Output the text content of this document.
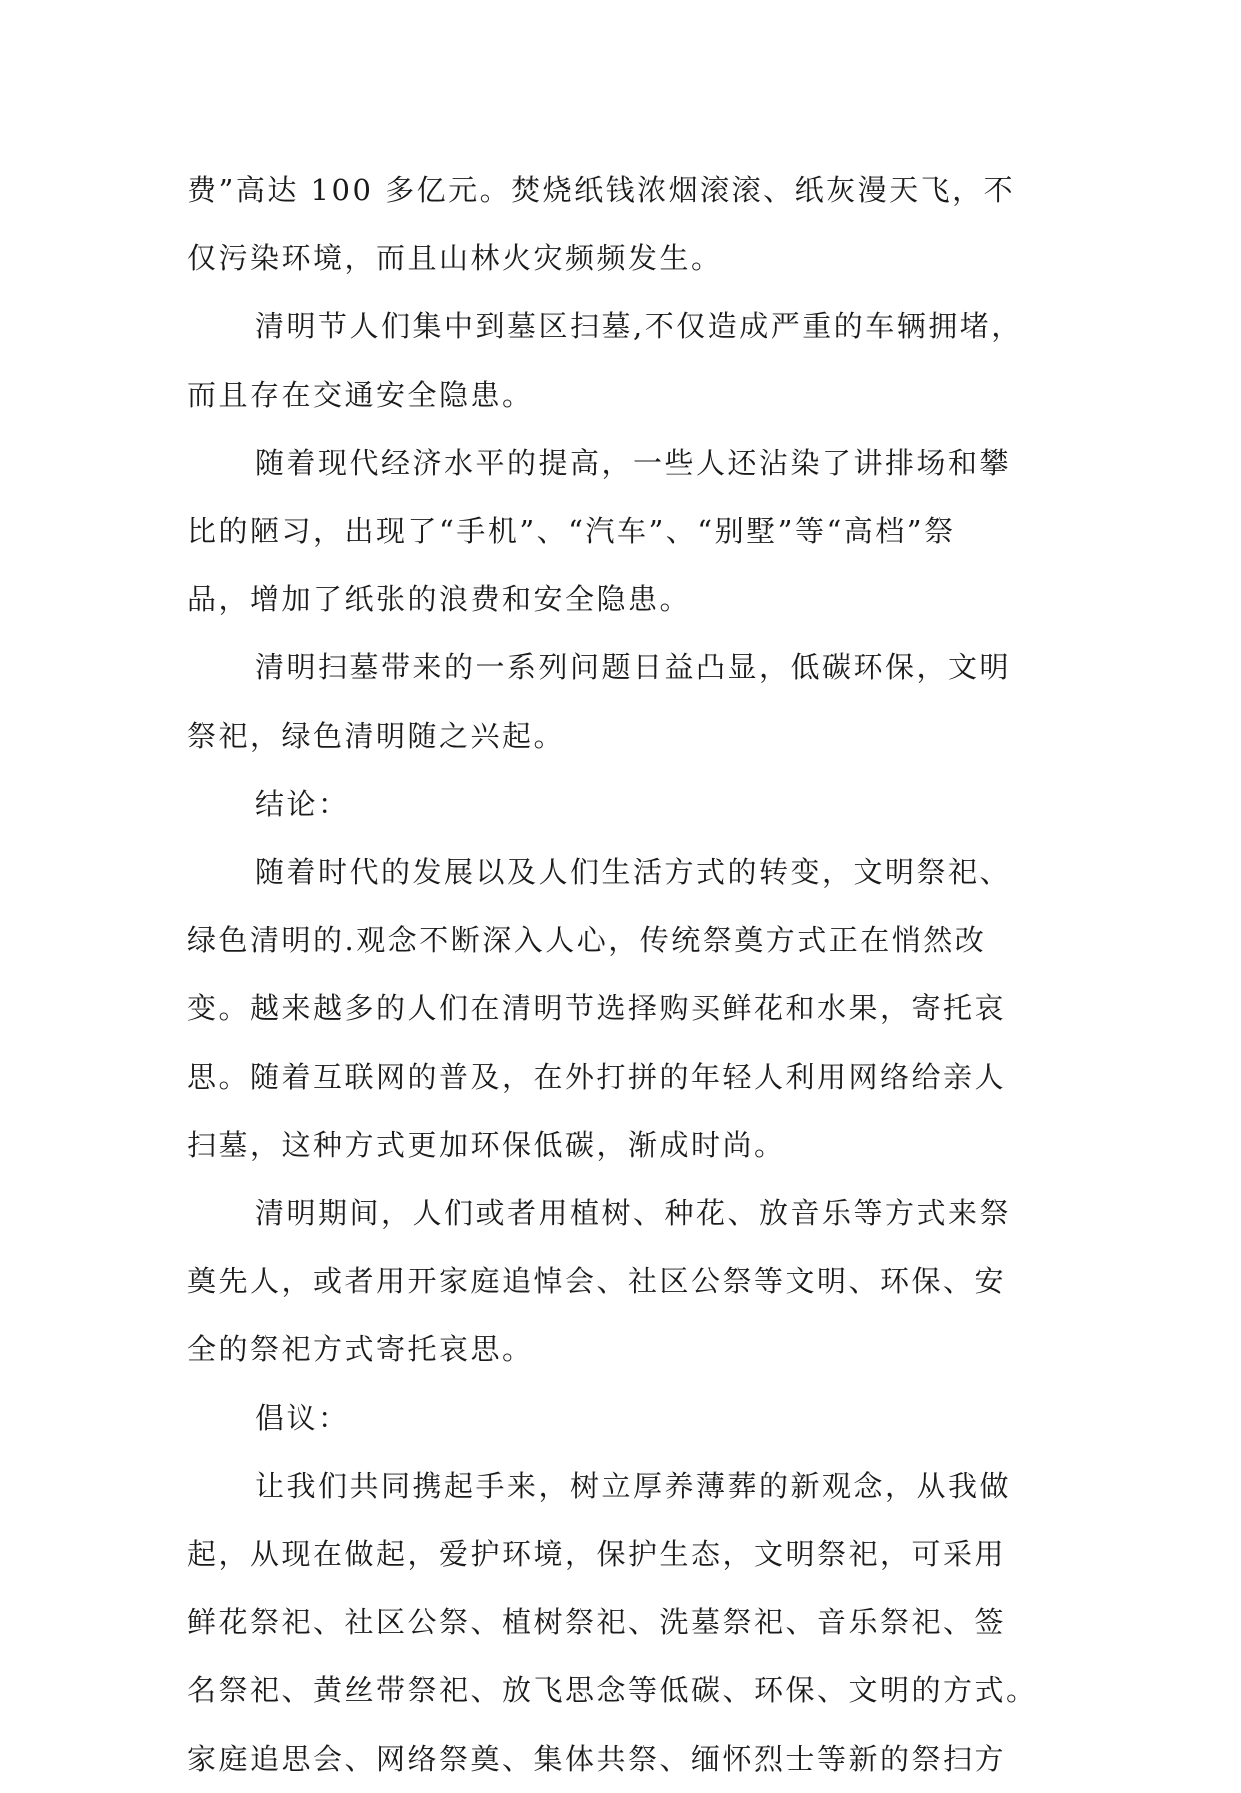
费”高达 100 多亿元。焚烧纸钱浓烟滚滚、纸灰漫天飞，不

仅污染环境，而且山林火灾频频发生。

清明节人们集中到墓区扫墓,不仅造成严重的车辆拥堵，

而且存在交通安全隐患。

随着现代经济水平的提高，一些人还沾染了讲排场和攀

比的陋习，出现了“手机”、“汽车”、“别墅”等“高档”祭

品，增加了纸张的浪费和安全隐患。

清明扫墓带来的一系列问题日益凸显，低碳环保，文明

祭祀，绿色清明随之兴起。

结论：

随着时代的发展以及人们生活方式的转变，文明祭祀、

绿色清明的.观念不断深入人心，传统祭奠方式正在悄然改

变。越来越多的人们在清明节选择购买鲜花和水果，寄托哀

思。随着互联网的普及，在外打拼的年轻人利用网络给亲人

扫墓，这种方式更加环保低碳，渐成时尚。

清明期间，人们或者用植树、种花、放音乐等方式来祭

奠先人，或者用开家庭追悼会、社区公祭等文明、环保、安

全的祭祀方式寄托哀思。

倡议：

让我们共同携起手来，树立厚养薄葬的新观念，从我做

起，从现在做起，爱护环境，保护生态，文明祭祀，可采用

鲜花祭祀、社区公祭、植树祭祀、洗墓祭祀、音乐祭祀、签

名祭祀、黄丝带祭祀、放飞思念等低碳、环保、文明的方式。

家庭追思会、网络祭奠、集体共祭、缅怀烈士等新的祭扫方
